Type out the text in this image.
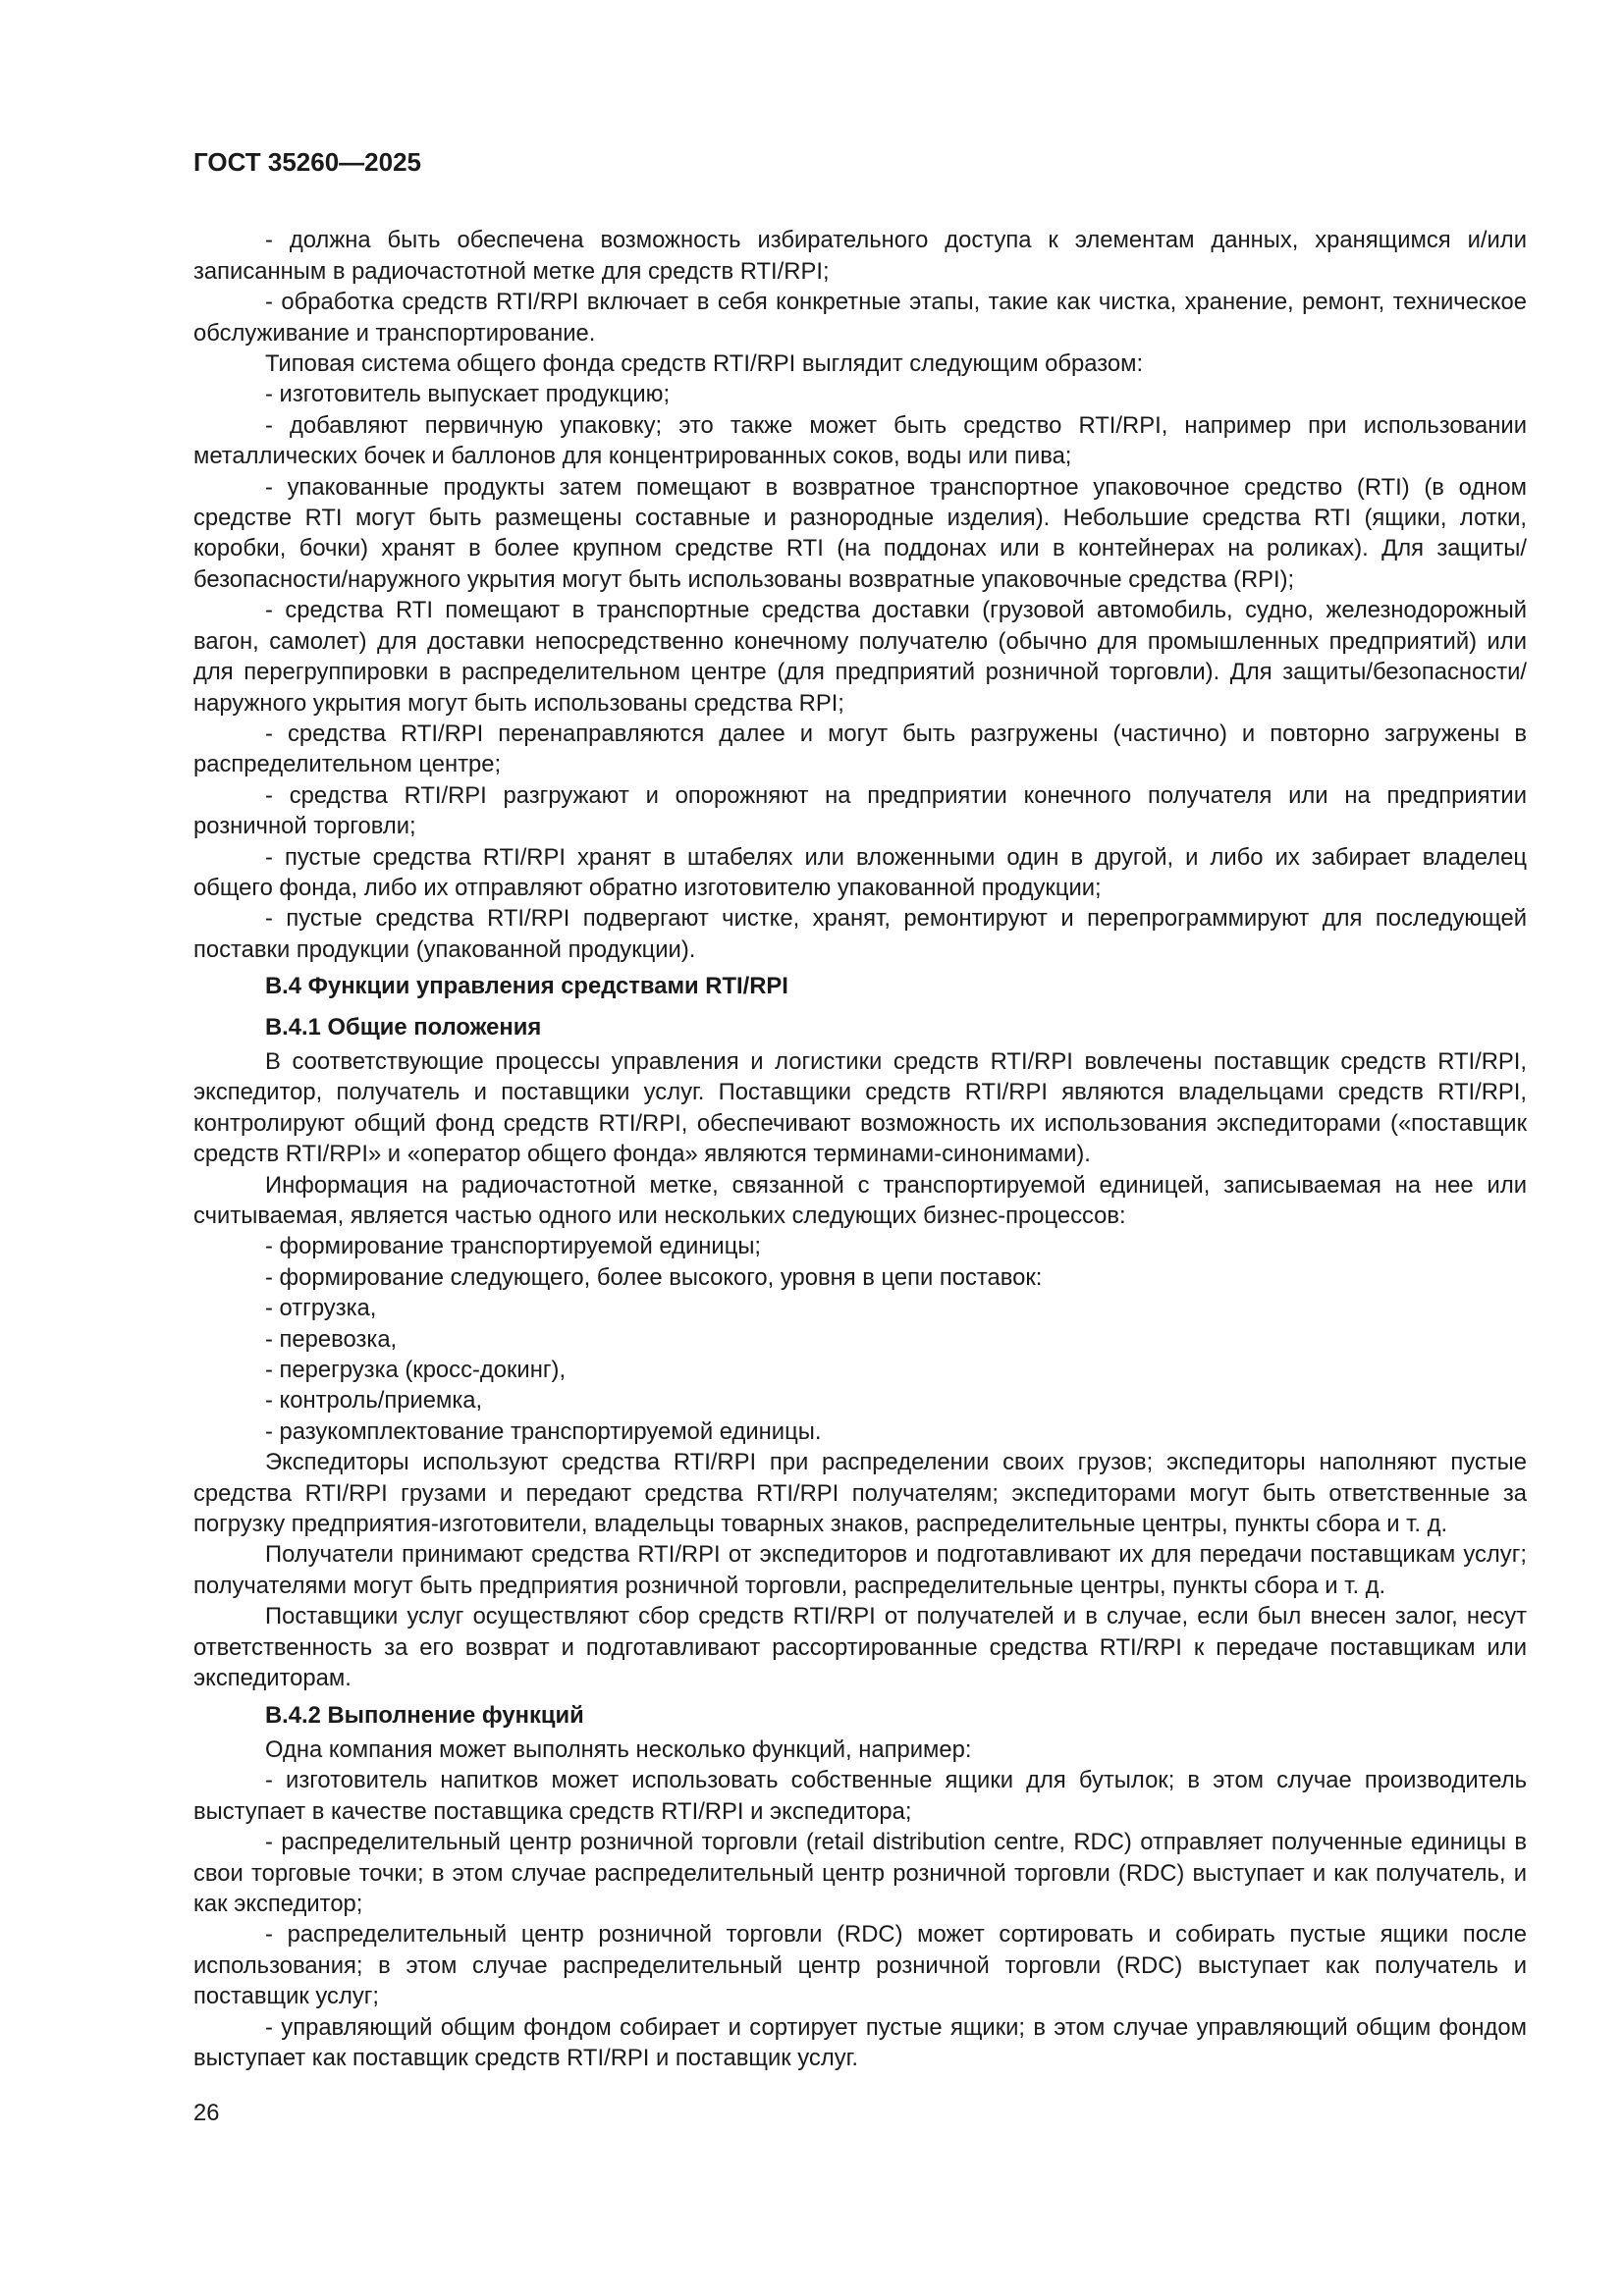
ГОСТ 35260—2025
- должна быть обеспечена возможность избирательного доступа к элементам данных, хранящимся и/или записанным в радиочастотной метке для средств RTI/RPI;
- обработка средств RTI/RPI включает в себя конкретные этапы, такие как чистка, хранение, ремонт, техническое обслуживание и транспортирование.
Типовая система общего фонда средств RTI/RPI выглядит следующим образом:
- изготовитель выпускает продукцию;
- добавляют первичную упаковку; это также может быть средство RTI/RPI, например при использовании металлических бочек и баллонов для концентрированных соков, воды или пива;
- упакованные продукты затем помещают в возвратное транспортное упаковочное средство (RTI) (в одном средстве RTI могут быть размещены составные и разнородные изделия). Небольшие средства RTI (ящики, лотки, коробки, бочки) хранят в более крупном средстве RTI (на поддонах или в контейнерах на роликах). Для защиты/безопасности/наружного укрытия могут быть использованы возвратные упаковочные средства (RPI);
- средства RTI помещают в транспортные средства доставки (грузовой автомобиль, судно, железнодорожный вагон, самолет) для доставки непосредственно конечному получателю (обычно для промышленных предприятий) или для перегруппировки в распределительном центре (для предприятий розничной торговли). Для защиты/безопасности/наружного укрытия могут быть использованы средства RPI;
- средства RTI/RPI перенаправляются далее и могут быть разгружены (частично) и повторно загружены в распределительном центре;
- средства RTI/RPI разгружают и опорожняют на предприятии конечного получателя или на предприятии розничной торговли;
- пустые средства RTI/RPI хранят в штабелях или вложенными один в другой, и либо их забирает владелец общего фонда, либо их отправляют обратно изготовителю упакованной продукции;
- пустые средства RTI/RPI подвергают чистке, хранят, ремонтируют и перепрограммируют для последующей поставки продукции (упакованной продукции).
В.4 Функции управления средствами RTI/RPI
В.4.1 Общие положения
В соответствующие процессы управления и логистики средств RTI/RPI вовлечены поставщик средств RTI/RPI, экспедитор, получатель и поставщики услуг. Поставщики средств RTI/RPI являются владельцами средств RTI/RPI, контролируют общий фонд средств RTI/RPI, обеспечивают возможность их использования экспедиторами («поставщик средств RTI/RPI» и «оператор общего фонда» являются терминами-синонимами).
Информация на радиочастотной метке, связанной с транспортируемой единицей, записываемая на нее или считываемая, является частью одного или нескольких следующих бизнес-процессов:
- формирование транспортируемой единицы;
- формирование следующего, более высокого, уровня в цепи поставок:
- отгрузка,
- перевозка,
- перегрузка (кросс-докинг),
- контроль/приемка,
- разукомплектование транспортируемой единицы.
Экспедиторы используют средства RTI/RPI при распределении своих грузов; экспедиторы наполняют пустые средства RTI/RPI грузами и передают средства RTI/RPI получателям; экспедиторами могут быть ответственные за погрузку предприятия-изготовители, владельцы товарных знаков, распределительные центры, пункты сбора и т. д.
Получатели принимают средства RTI/RPI от экспедиторов и подготавливают их для передачи поставщикам услуг; получателями могут быть предприятия розничной торговли, распределительные центры, пункты сбора и т. д.
Поставщики услуг осуществляют сбор средств RTI/RPI от получателей и в случае, если был внесен залог, несут ответственность за его возврат и подготавливают рассортированные средства RTI/RPI к передаче поставщикам или экспедиторам.
В.4.2 Выполнение функций
Одна компания может выполнять несколько функций, например:
- изготовитель напитков может использовать собственные ящики для бутылок; в этом случае производитель выступает в качестве поставщика средств RTI/RPI и экспедитора;
- распределительный центр розничной торговли (retail distribution centre, RDC) отправляет полученные единицы в свои торговые точки; в этом случае распределительный центр розничной торговли (RDC) выступает и как получатель, и как экспедитор;
- распределительный центр розничной торговли (RDC) может сортировать и собирать пустые ящики после использования; в этом случае распределительный центр розничной торговли (RDC) выступает как получатель и поставщик услуг;
- управляющий общим фондом собирает и сортирует пустые ящики; в этом случае управляющий общим фондом выступает как поставщик средств RTI/RPI и поставщик услуг.
26
